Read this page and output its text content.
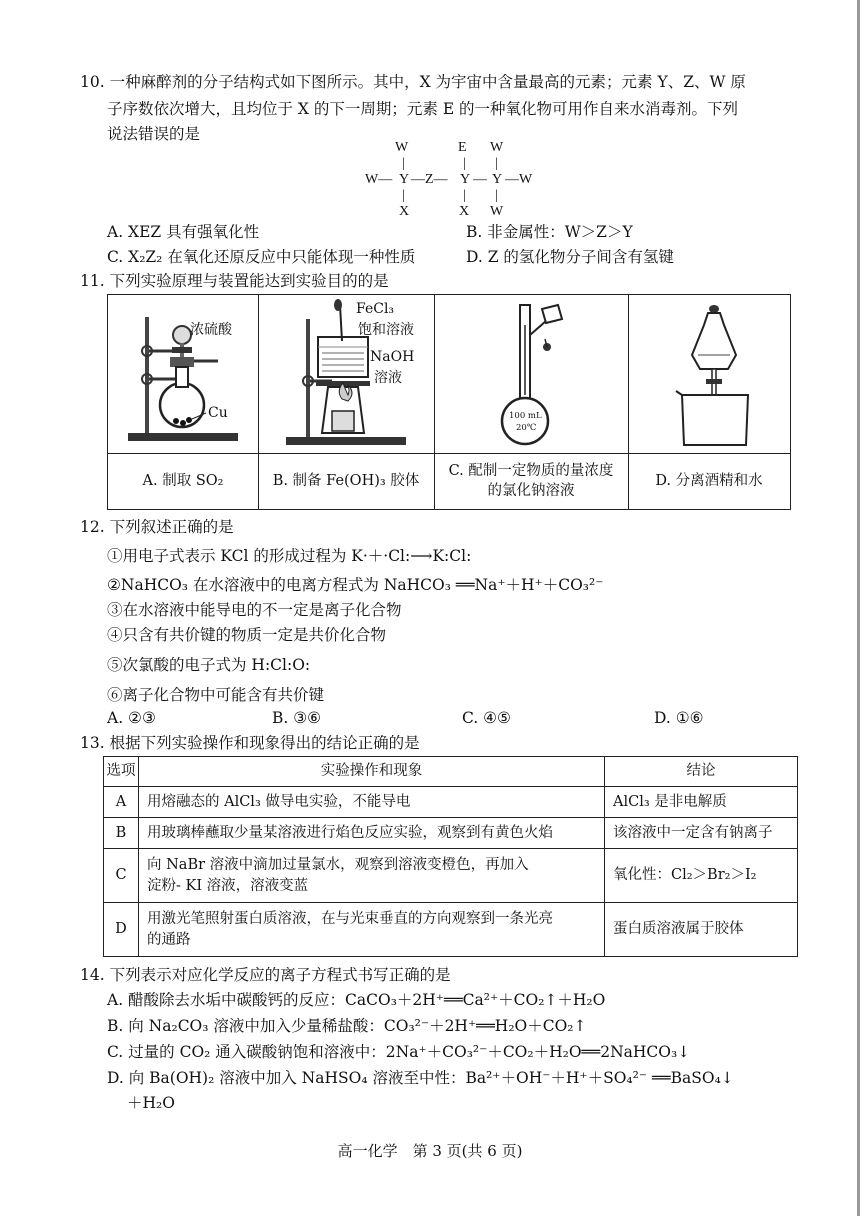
10. 一种麻醉剂的分子结构式如下图所示。其中，X 为宇宙中含量最高的元素；元素 Y、Z、W 原
子序数依次增大，且均位于 X 的下一周期；元素 E 的一种氧化物可用作自来水消毒剂。下列
说法错误的是
W	E W
|	| |
W— Y —Z— Y — Y —W
|	| |
X	X W
A. XEZ 具有强氧化性	B. 非金属性：W＞Z＞Y
C. X₂Z₂ 在氧化还原反应中只能体现一种性质	D. Z 的氢化物分子间含有氢键
11. 下列实验原理与装置能达到实验目的的是
浓硫酸
Cu
A. 制取 SO₂
FeCl₃
饱和溶液
NaOH
溶液
B. 制备 Fe(OH)₃ 胶体
100 mL
20℃
C. 配制一定物质的量浓度
的氯化钠溶液
D. 分离酒精和水
12. 下列叙述正确的是
①用电子式表示 KCl 的形成过程为 K·＋·Cl:⟶K:Cl:
②NaHCO₃ 在水溶液中的电离方程式为 NaHCO₃ ══Na⁺＋H⁺＋CO₃²⁻
③在水溶液中能导电的不一定是离子化合物
④只含有共价键的物质一定是共价化合物
⑤次氯酸的电子式为 H:Cl:O:
⑥离子化合物中可能含有共价键
A. ②③	B. ③⑥	C. ④⑤	D. ①⑥
13. 根据下列实验操作和现象得出的结论正确的是
选项	实验操作和现象	结论
A	用熔融态的 AlCl₃ 做导电实验，不能导电	AlCl₃ 是非电解质
B	用玻璃棒蘸取少量某溶液进行焰色反应实验，观察到有黄色火焰	该溶液中一定含有钠离子
C	向 NaBr 溶液中滴加过量氯水，观察到溶液变橙色，再加入
淀粉- KI 溶液，溶液变蓝	氧化性：Cl₂＞Br₂＞I₂
D	用激光笔照射蛋白质溶液，在与光束垂直的方向观察到一条光亮
的通路	蛋白质溶液属于胶体
14. 下列表示对应化学反应的离子方程式书写正确的是
A. 醋酸除去水垢中碳酸钙的反应：CaCO₃＋2H⁺══Ca²⁺＋CO₂↑＋H₂O
B. 向 Na₂CO₃ 溶液中加入少量稀盐酸：CO₃²⁻＋2H⁺══H₂O＋CO₂↑
C. 过量的 CO₂ 通入碳酸钠饱和溶液中：2Na⁺＋CO₃²⁻＋CO₂＋H₂O══2NaHCO₃↓
D. 向 Ba(OH)₂ 溶液中加入 NaHSO₄ 溶液至中性：Ba²⁺＋OH⁻＋H⁺＋SO₄²⁻ ══BaSO₄↓
＋H₂O
高一化学　第 3 页(共 6 页)
